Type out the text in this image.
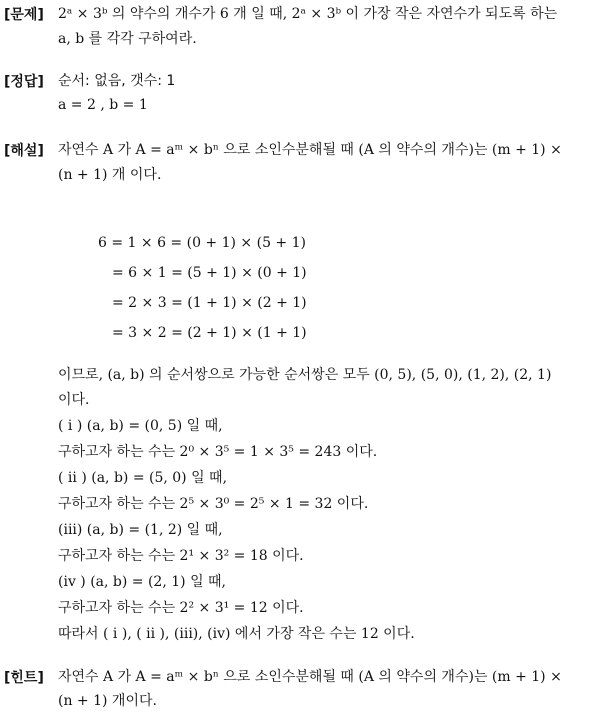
[문제] 2ᵃ × 3ᵇ 의 약수의 개수가 6 개 일 때, 2ᵃ × 3ᵇ 이 가장 작은 자연수가 되도록 하는
a, b 를 각각 구하여라.
[정답] 순서: 없음, 갯수: 1
a = 2 , b = 1
[해설] 자연수 A 가 A = aᵐ × bⁿ 으로 소인수분해될 때 (A 의 약수의 개수)는 (m + 1) ×
(n + 1) 개 이다.
6 = 1 × 6 = (0 + 1) × (5 + 1)
= 6 × 1 = (5 + 1) × (0 + 1)
= 2 × 3 = (1 + 1) × (2 + 1)
= 3 × 2 = (2 + 1) × (1 + 1)
이므로, (a, b) 의 순서쌍으로 가능한 순서쌍은 모두 (0, 5), (5, 0), (1, 2), (2, 1)
이다.
( i ) (a, b) = (0, 5) 일 때,
구하고자 하는 수는 2⁰ × 3⁵ = 1 × 3⁵ = 243 이다.
( ii ) (a, b) = (5, 0) 일 때,
구하고자 하는 수는 2⁵ × 3⁰ = 2⁵ × 1 = 32 이다.
(iii) (a, b) = (1, 2) 일 때,
구하고자 하는 수는 2¹ × 3² = 18 이다.
(iv ) (a, b) = (2, 1) 일 때,
구하고자 하는 수는 2² × 3¹ = 12 이다.
따라서 ( i ), ( ii ), (iii), (iv) 에서 가장 작은 수는 12 이다.
[힌트] 자연수 A 가 A = aᵐ × bⁿ 으로 소인수분해될 때 (A 의 약수의 개수)는 (m + 1) ×
(n + 1) 개이다.
